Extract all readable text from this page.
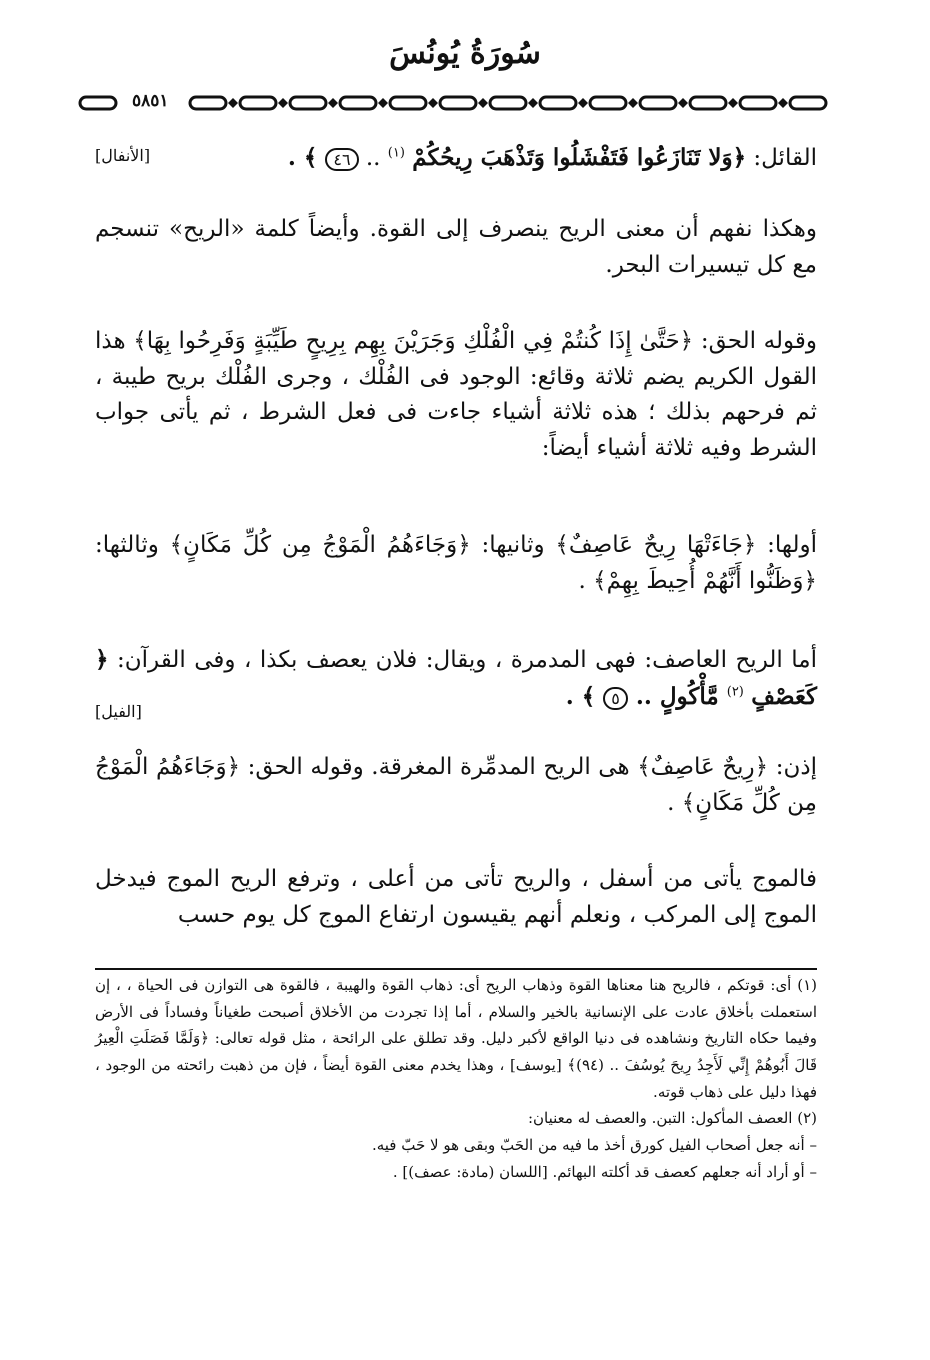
سُورَةُ يُونُسَ
٥٨٥١

القائل: ﴿وَلا تَنَازَعُوا فَتَفْشَلُوا وَتَذْهَبَ رِيحُكُمْ $^{(١)}$ .. ٤٦ ﴾ .

[الأنفال]

وهكذا نفهم أن معنى الريح ينصرف إلى القوة. وأيضاً كلمة «الريح» تنسجم مع كل تيسيرات البحر.

وقوله الحق: ﴿حَتَّىٰ إِذَا كُنتُمْ فِي الْفُلْكِ وَجَرَيْنَ بِهِم بِرِيحٍ طَيِّبَةٍ وَفَرِحُوا بِهَا﴾ هذا القول الكريم يضم ثلاثة وقائع: الوجود فى الفُلْك ، وجرى الفُلْك بريح طيبة ، ثم فرحهم بذلك ؛ هذه ثلاثة أشياء جاءت فى فعل الشرط ، ثم يأتى جواب الشرط وفيه ثلاثة أشياء أيضاً:

أولها: ﴿جَاءَتْهَا رِيحٌ عَاصِفٌ﴾ وثانيها: ﴿وَجَاءَهُمُ الْمَوْجُ مِن كُلِّ مَكَانٍ﴾ وثالثها: ﴿وَظَنُّوا أَنَّهُمْ أُحِيطَ بِهِمْ﴾ .

أما الريح العاصف: فهى المدمرة ، ويقال: فلان يعصف بكذا ، وفى القرآن: ﴿ كَعَصْفٍ $^{(٢)}$ مَّأْكُولٍ .. ٥ ﴾ .

[الفيل]

إذن: ﴿رِيحٌ عَاصِفٌ﴾ هى الريح المدمِّرة المغرقة. وقوله الحق: ﴿وَجَاءَهُمُ الْمَوْجُ مِن كُلِّ مَكَانٍ﴾ .

فالموج يأتى من أسفل ، والريح تأتى من أعلى ، وترفع الريح الموج فيدخل الموج إلى المركب ، ونعلم أنهم يقيسون ارتفاع الموج كل يوم حسب

(١) أى: قوتكم ، فالريح هنا معناها القوة وذهاب الريح أى: ذهاب القوة والهيبة ، فالقوة هى التوازن فى الحياة ، ، إن استعملت بأخلاق عادت على الإنسانية بالخير والسلام ، أما إذا تجردت من الأخلاق أصبحت طغياناً وفساداً فى الأرض وفيما حكاه التاريخ ونشاهده فى دنيا الواقع لأكبر دليل. وقد تطلق على الرائحة ، مثل قوله تعالى: ﴿وَلَمَّا فَصَلَتِ الْعِيرُ قَالَ أَبُوهُمْ إِنِّي لَأَجِدُ رِيحَ يُوسُفَ .. (٩٤)﴾ [يوسف] ، وهذا يخدم معنى القوة أيضاً ، فإن من ذهبت رائحته من الوجود ، فهذا دليل على ذهاب قوته.

(٢) العصف المأكول: التبن. والعصف له معنيان:

– أنه جعل أصحاب الفيل كورق أخذ ما فيه من الحَبّ وبقى هو لا حَبّ فيه.

– أو أراد أنه جعلهم كعصف قد أكلته البهائم. [اللسان (مادة: عصف)] .
